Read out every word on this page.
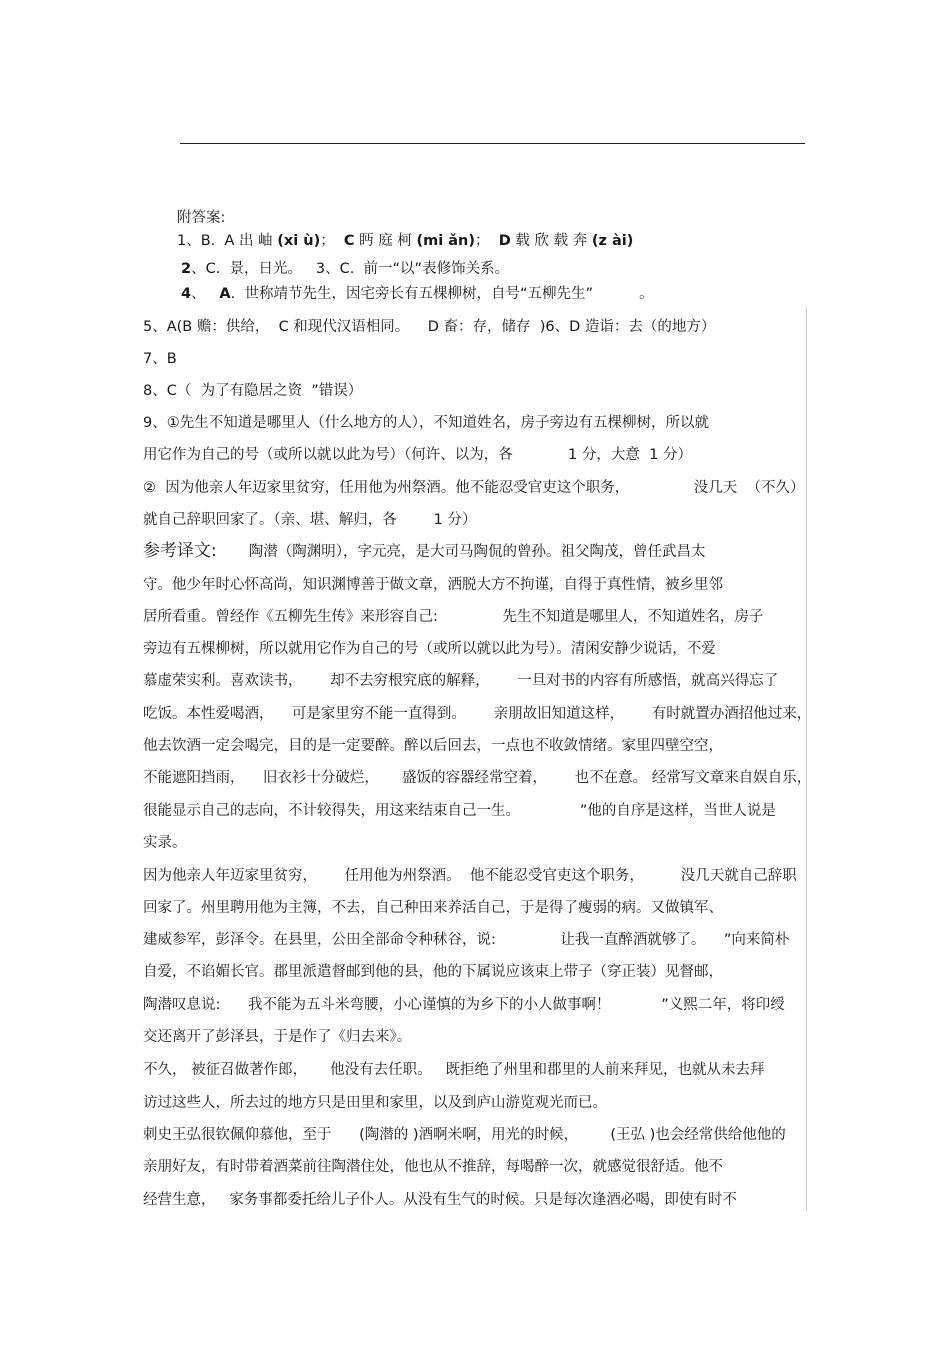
附答案:
1、B.  A 出 岫 (xi ù)；  C 眄 庭 柯 (mi ǎn)；  D 载 欣 载 奔 (z ài)
2、C.  景，日光。   3、C.  前一“以”表修饰关系。
4、   A.  世称靖节先生，因宅旁长有五棵柳树，自号“五柳先生”          。
5、A(B 赡：供给，  C 和现代汉语相同。    D 畜：存，储存  )6、D 造诣：去（的地方）
7、B
8、C（  为了有隐居之资  ”错误）
9、①先生不知道是哪里人（什么地方的人），不知道姓名，房子旁边有五棵柳树，所以就
用它作为自己的号（或所以就以此为号）（何许、以为，各            1 分，大意  1 分）
②  因为他亲人年迈家里贫穷，任用他为州祭酒。他不能忍受官吏这个职务，              没几天  （不久）
就自己辞职回家了。（亲、堪、解归，各        1 分）
参考译文: 陶潜（陶渊明），字元亮，是大司马陶侃的曾孙。祖父陶茂，曾任武昌太
守。他少年时心怀高尚，知识渊博善于做文章，洒脱大方不拘谨，自得于真性情，被乡里邻
居所看重。曾经作《五柳先生传》来形容自己:              先生不知道是哪里人，不知道姓名，房子
旁边有五棵柳树，所以就用它作为自己的号（或所以就以此为号）。清闲安静少说话，不爱
慕虚荣实利。喜欢读书，      却不去穷根究底的解释，      一旦对书的内容有所感悟，就高兴得忘了
吃饭。本性爱喝酒，    可是家里穷不能一直得到。      亲朋故旧知道这样，      有时就置办酒招他过来，
他去饮酒一定会喝完，目的是一定要醉。醉以后回去，一点也不收敛情绪。家里四壁空空，
不能遮阳挡雨，    旧衣衫十分破烂，     盛饭的容器经常空着，      也不在意。 经常写文章来自娱自乐，
很能显示自己的志向，不计较得失，用这来结束自己一生。             ”他的自序是这样，当世人说是
实录。
因为他亲人年迈家里贫穷，      任用他为州祭酒。  他不能忍受官吏这个职务，        没几天就自己辞职
回家了。州里聘用他为主簿，不去，自己种田来养活自己，于是得了瘦弱的病。又做镇军、
建威参军，彭泽令。在县里，公田全部命令种秫谷，说:              让我一直醉酒就够了。    ”向来简朴
自爱，不谄媚长官。郡里派遣督邮到他的县，他的下属说应该束上带子（穿正装）见督邮，
陶潜叹息说:      我不能为五斗米弯腰，小心谨慎的为乡下的小人做事啊！           ”义熙二年，将印绶
交还离开了彭泽县，于是作了《归去来》。
不久， 被征召做著作郎，     他没有去任职。   既拒绝了州里和郡里的人前来拜见，也就从未去拜
访过这些人，所去过的地方只是田里和家里，以及到庐山游览观光而已。
刺史王弘很钦佩仰慕他，至于      (陶潜的 )酒啊米啊，用光的时候，       (王弘 )也会经常供给他他的
亲朋好友，有时带着酒菜前往陶潜住处，他也从不推辞，每喝醉一次，就感觉很舒适。他不
经营生意，   家务事都委托给儿子仆人。从没有生气的时候。只是每次逢酒必喝，即使有时不
